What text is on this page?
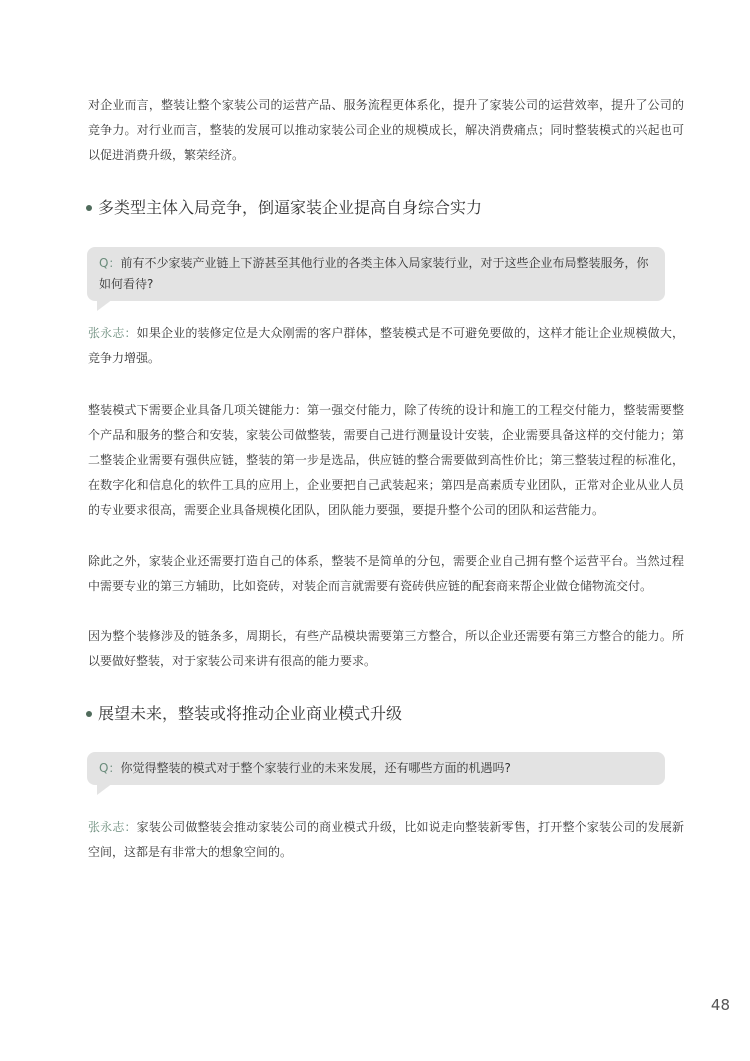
对企业而言，整装让整个家装公司的运营产品、服务流程更体系化，提升了家装公司的运营效率，提升了公司的竞争力。对行业而言，整装的发展可以推动家装公司企业的规模成长，解决消费痛点；同时整装模式的兴起也可以促进消费升级，繁荣经济。

多类型主体入局竞争，倒逼家装企业提高自身综合实力
Q：前有不少家装产业链上下游甚至其他行业的各类主体入局家装行业，对于这些企业布局整装服务，你如何看待?

张永志：如果企业的装修定位是大众刚需的客户群体，整装模式是不可避免要做的，这样才能让企业规模做大，竞争力增强。

整装模式下需要企业具备几项关键能力：第一强交付能力，除了传统的设计和施工的工程交付能力，整装需要整个产品和服务的整合和安装，家装公司做整装，需要自己进行测量设计安装，企业需要具备这样的交付能力；第二整装企业需要有强供应链，整装的第一步是选品，供应链的整合需要做到高性价比；第三整装过程的标准化，在数字化和信息化的软件工具的应用上，企业要把自己武装起来；第四是高素质专业团队，正常对企业从业人员的专业要求很高，需要企业具备规模化团队，团队能力要强，要提升整个公司的团队和运营能力。

除此之外，家装企业还需要打造自己的体系，整装不是简单的分包，需要企业自己拥有整个运营平台。当然过程中需要专业的第三方辅助，比如瓷砖，对装企而言就需要有瓷砖供应链的配套商来帮企业做仓储物流交付。

因为整个装修涉及的链条多，周期长，有些产品模块需要第三方整合，所以企业还需要有第三方整合的能力。所以要做好整装，对于家装公司来讲有很高的能力要求。

展望未来，整装或将推动企业商业模式升级
Q：你觉得整装的模式对于整个家装行业的未来发展，还有哪些方面的机遇吗?

张永志：家装公司做整装会推动家装公司的商业模式升级，比如说走向整装新零售，打开整个家装公司的发展新空间，这都是有非常大的想象空间的。

48
